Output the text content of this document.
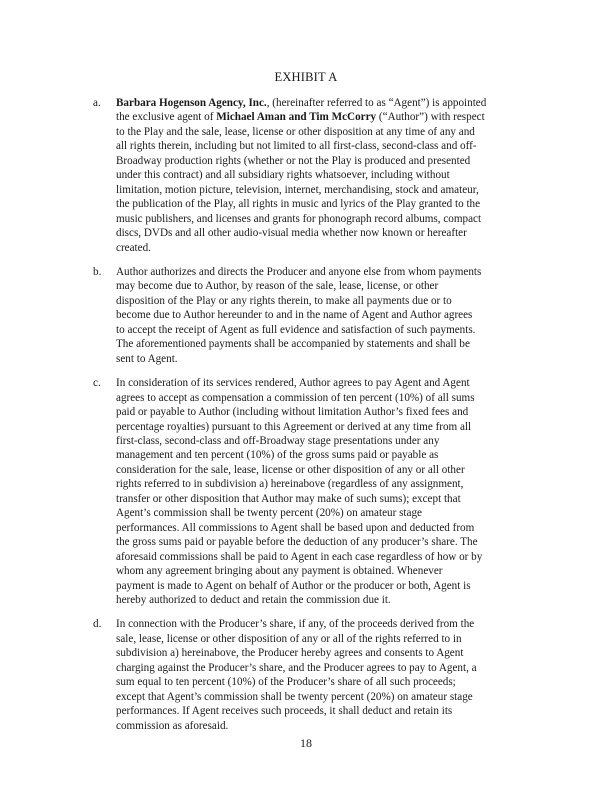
EXHIBIT A
a. Barbara Hogenson Agency, Inc., (hereinafter referred to as “Agent”) is appointed
the exclusive agent of Michael Aman and Tim McCorry (“Author”) with respect
to the Play and the sale, lease, license or other disposition at any time of any and
all rights therein, including but not limited to all first-class, second-class and off-
Broadway production rights (whether or not the Play is produced and presented
under this contract) and all subsidiary rights whatsoever, including without
limitation, motion picture, television, internet, merchandising, stock and amateur,
the publication of the Play, all rights in music and lyrics of the Play granted to the
music publishers, and licenses and grants for phonograph record albums, compact
discs, DVDs and all other audio-visual media whether now known or hereafter
created.
b. Author authorizes and directs the Producer and anyone else from whom payments
may become due to Author, by reason of the sale, lease, license, or other
disposition of the Play or any rights therein, to make all payments due or to
become due to Author hereunder to and in the name of Agent and Author agrees
to accept the receipt of Agent as full evidence and satisfaction of such payments.
The aforementioned payments shall be accompanied by statements and shall be
sent to Agent.
c. In consideration of its services rendered, Author agrees to pay Agent and Agent
agrees to accept as compensation a commission of ten percent (10%) of all sums
paid or payable to Author (including without limitation Author’s fixed fees and
percentage royalties) pursuant to this Agreement or derived at any time from all
first-class, second-class and off-Broadway stage presentations under any
management and ten percent (10%) of the gross sums paid or payable as
consideration for the sale, lease, license or other disposition of any or all other
rights referred to in subdivision a) hereinabove (regardless of any assignment,
transfer or other disposition that Author may make of such sums); except that
Agent’s commission shall be twenty percent (20%) on amateur stage
performances. All commissions to Agent shall be based upon and deducted from
the gross sums paid or payable before the deduction of any producer’s share. The
aforesaid commissions shall be paid to Agent in each case regardless of how or by
whom any agreement bringing about any payment is obtained. Whenever
payment is made to Agent on behalf of Author or the producer or both, Agent is
hereby authorized to deduct and retain the commission due it.
d. In connection with the Producer’s share, if any, of the proceeds derived from the
sale, lease, license or other disposition of any or all of the rights referred to in
subdivision a) hereinabove, the Producer hereby agrees and consents to Agent
charging against the Producer’s share, and the Producer agrees to pay to Agent, a
sum equal to ten percent (10%) of the Producer’s share of all such proceeds;
except that Agent’s commission shall be twenty percent (20%) on amateur stage
performances. If Agent receives such proceeds, it shall deduct and retain its
commission as aforesaid.
18
